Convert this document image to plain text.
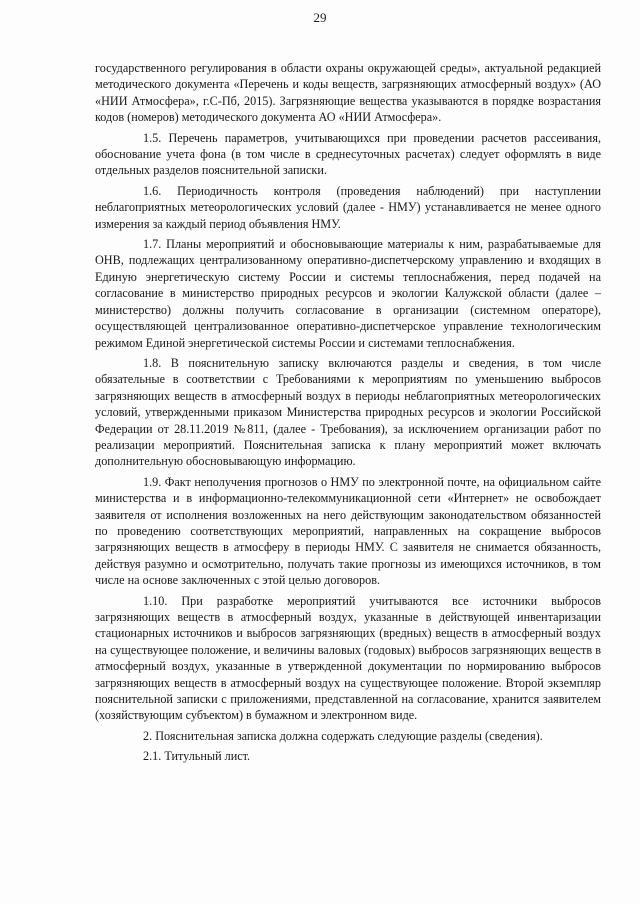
29

государственного регулирования в области охраны окружающей среды», актуальной редакцией методического документа «Перечень и коды веществ, загрязняющих атмосферный воздух» (АО «НИИ Атмосфера», г.С-Пб, 2015). Загрязняющие вещества указываются в порядке возрастания кодов (номеров) методического документа АО «НИИ Атмосфера».

1.5. Перечень параметров, учитывающихся при проведении расчетов рассеивания, обоснование учета фона (в том числе в среднесуточных расчетах) следует оформлять в виде отдельных разделов пояснительной записки.

1.6. Периодичность контроля (проведения наблюдений) при наступлении неблагоприятных метеорологических условий (далее - НМУ) устанавливается не менее одного измерения за каждый период объявления НМУ.

1.7. Планы мероприятий и обосновывающие материалы к ним, разрабатываемые для ОНВ, подлежащих централизованному оперативно-диспетчерскому управлению и входящих в Единую энергетическую систему России и системы теплоснабжения, перед подачей на согласование в министерство природных ресурсов и экологии Калужской области (далее – министерство) должны получить согласование в организации (системном операторе), осуществляющей централизованное оперативно-диспетчерское управление технологическим режимом Единой энергетической системы России и системами теплоснабжения.

1.8. В пояснительную записку включаются разделы и сведения, в том числе обязательные в соответствии с Требованиями к мероприятиям по уменьшению выбросов загрязняющих веществ в атмосферный воздух в периоды неблагоприятных метеорологических условий, утвержденными приказом Министерства природных ресурсов и экологии Российской Федерации от 28.11.2019 №811, (далее - Требования), за исключением организации работ по реализации мероприятий. Пояснительная записка к плану мероприятий может включать дополнительную обосновывающую информацию.

1.9. Факт неполучения прогнозов о НМУ по электронной почте, на официальном сайте министерства и в информационно-телекоммуникационной сети «Интернет» не освобождает заявителя от исполнения возложенных на него действующим законодательством обязанностей по проведению соответствующих мероприятий, направленных на сокращение выбросов загрязняющих веществ в атмосферу в периоды НМУ. С заявителя не снимается обязанность, действуя разумно и осмотрительно, получать такие прогнозы из имеющихся источников, в том числе на основе заключенных с этой целью договоров.

1.10. При разработке мероприятий учитываются все источники выбросов загрязняющих веществ в атмосферный воздух, указанные в действующей инвентаризации стационарных источников и выбросов загрязняющих (вредных) веществ в атмосферный воздух на существующее положение, и величины валовых (годовых) выбросов загрязняющих веществ в атмосферный воздух, указанные в утвержденной документации по нормированию выбросов загрязняющих веществ в атмосферный воздух на существующее положение. Второй экземпляр пояснительной записки с приложениями, представленной на согласование, хранится заявителем (хозяйствующим субъектом) в бумажном и электронном виде.

2. Пояснительная записка должна содержать следующие разделы (сведения).

2.1. Титульный лист.
